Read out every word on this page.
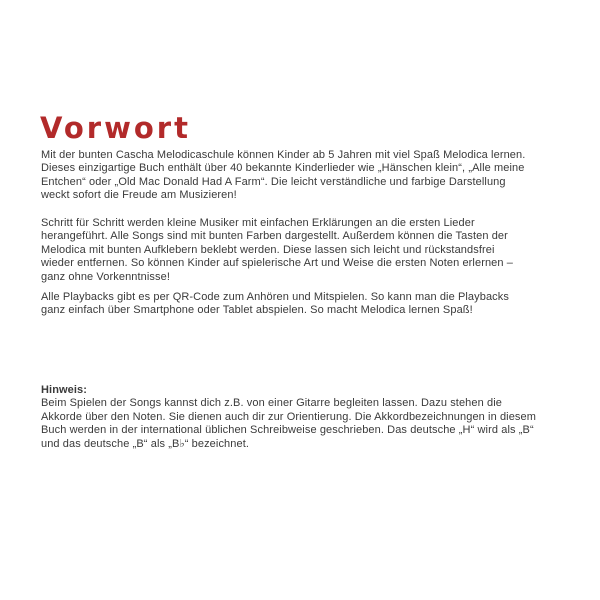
Vorwort
Mit der bunten Cascha Melodicaschule können Kinder ab 5 Jahren mit viel Spaß Melodica lernen.
Dieses einzigartige Buch enthält über 40 bekannte Kinderlieder wie „Hänschen klein“, „Alle meine
Entchen“ oder „Old Mac Donald Had A Farm“. Die leicht verständliche und farbige Darstellung
weckt sofort die Freude am Musizieren!
Schritt für Schritt werden kleine Musiker mit einfachen Erklärungen an die ersten Lieder
herangeführt. Alle Songs sind mit bunten Farben dargestellt. Außerdem können die Tasten der
Melodica mit bunten Aufklebern beklebt werden. Diese lassen sich leicht und rückstandsfrei
wieder entfernen. So können Kinder auf spielerische Art und Weise die ersten Noten erlernen –
ganz ohne Vorkenntnisse!
Alle Playbacks gibt es per QR-Code zum Anhören und Mitspielen. So kann man die Playbacks
ganz einfach über Smartphone oder Tablet abspielen. So macht Melodica lernen Spaß!
Hinweis:
Beim Spielen der Songs kannst dich z.B. von einer Gitarre begleiten lassen. Dazu stehen die
Akkorde über den Noten. Sie dienen auch dir zur Orientierung. Die Akkordbezeichnungen in diesem
Buch werden in der international üblichen Schreibweise geschrieben. Das deutsche „H“ wird als „B“
und das deutsche „B“ als „B♭“ bezeichnet.
